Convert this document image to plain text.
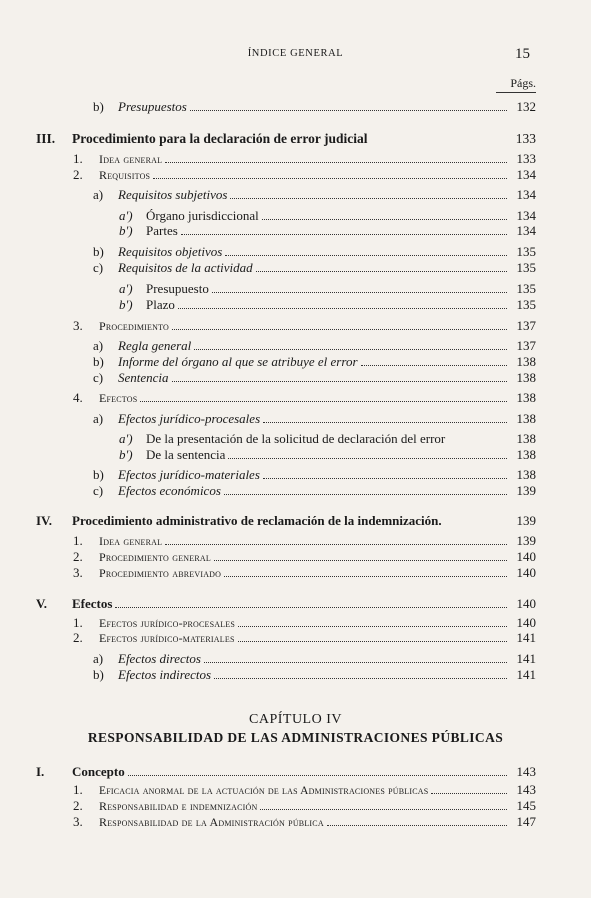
ÍNDICE GENERAL	15
Págs.
b)	Presupuestos	132
III.	Procedimiento para la declaración de error judicial	133
1.	Idea general	133
2.	Requisitos	134
a)	Requisitos subjetivos	134
a')	Órgano jurisdiccional	134
b')	Partes	134
b)	Requisitos objetivos	135
c)	Requisitos de la actividad	135
a')	Presupuesto	135
b')	Plazo	135
3.	Procedimiento	137
a)	Regla general	137
b)	Informe del órgano al que se atribuye el error	138
c)	Sentencia	138
4.	Efectos	138
a)	Efectos jurídico-procesales	138
a')	De la presentación de la solicitud de declaración del error	138
b')	De la sentencia	138
b)	Efectos jurídico-materiales	138
c)	Efectos económicos	139
IV.	Procedimiento administrativo de reclamación de la indemnización.	139
1.	Idea general	139
2.	Procedimiento general	140
3.	Procedimiento abreviado	140
V.	Efectos	140
1.	Efectos jurídico-procesales	140
2.	Efectos jurídico-materiales	141
a)	Efectos directos	141
b)	Efectos indirectos	141
CAPÍTULO IV
RESPONSABILIDAD DE LAS ADMINISTRACIONES PÚBLICAS
I.	Concepto	143
1.	Eficacia anormal de la actuación de las Administraciones públicas	143
2.	Responsabilidad e indemnización	145
3.	Responsabilidad de la Administración pública	147
